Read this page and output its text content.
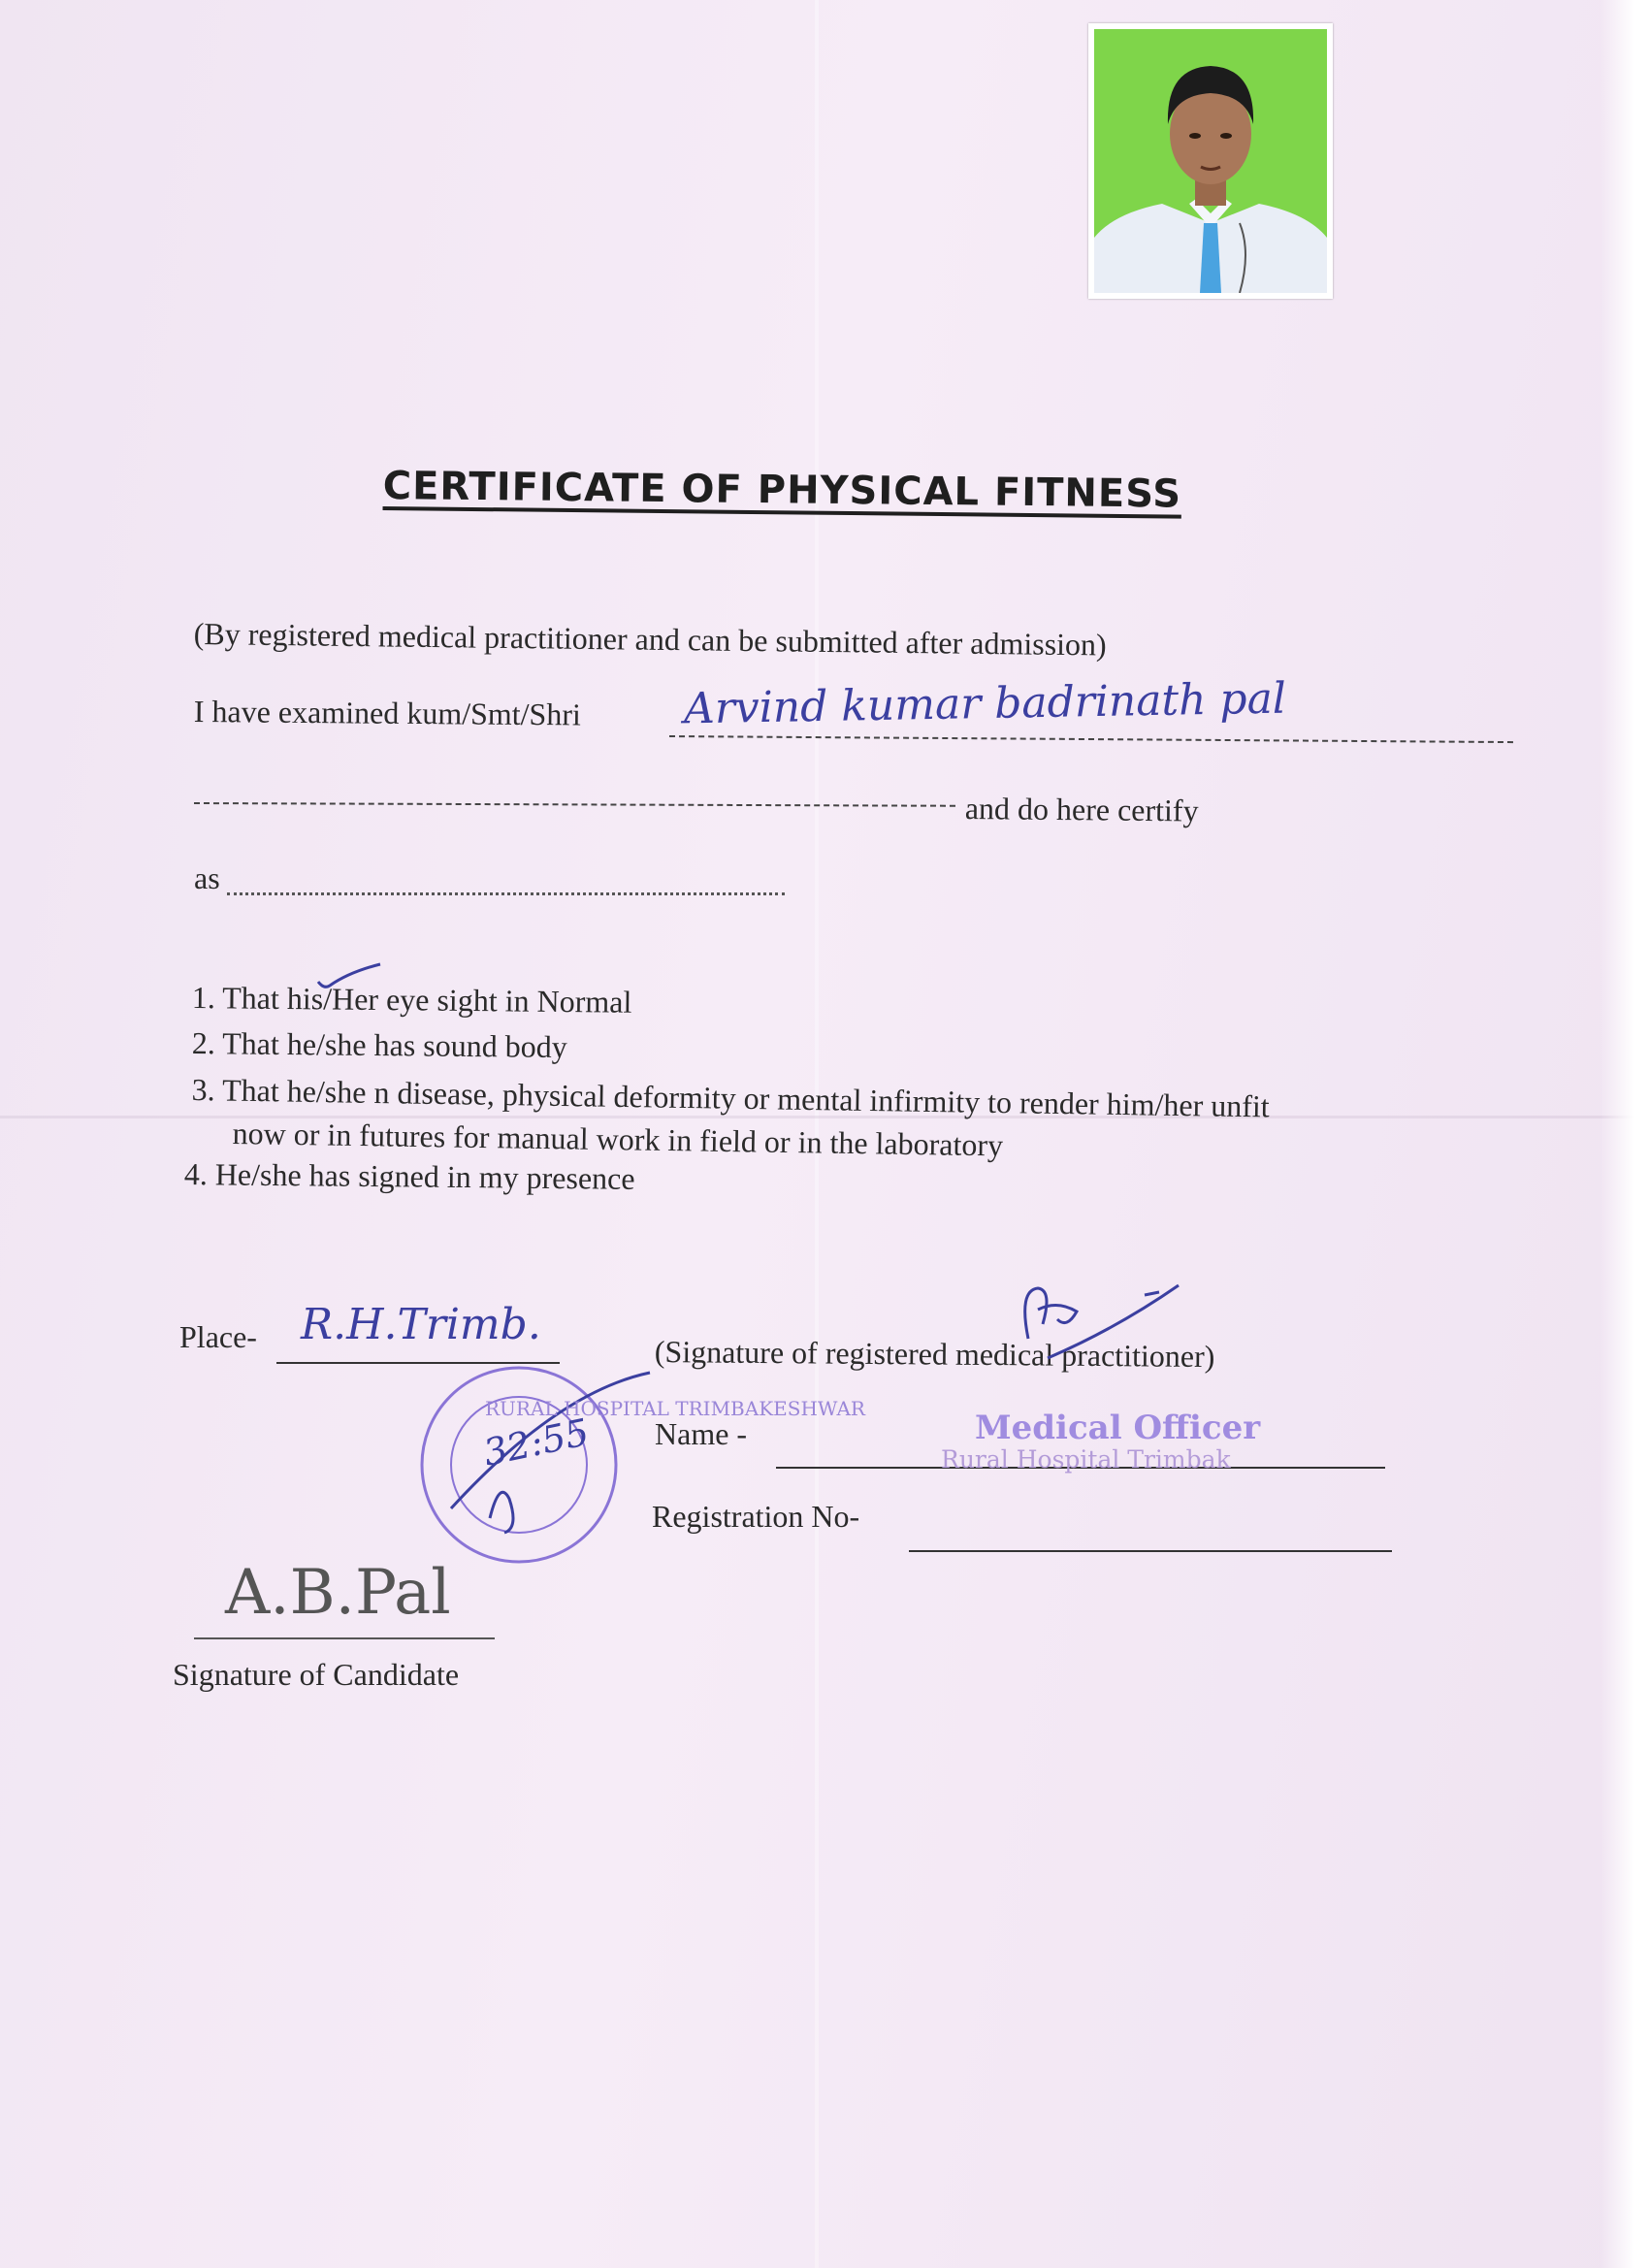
CERTIFICATE OF PHYSICAL FITNESS
(By registered medical practitioner and can be submitted after admission)
I have examined kum/Smt/Shri Arvind kumar badrinath pal
and do here certify
as
1. That his/Her eye sight in Normal
2. That he/she has sound body
3. That he/she n disease, physical deformity or mental infirmity to render him/her unfit
now or in futures for manual work in field or in the laboratory
4. He/she has signed in my presence
Place- R.H.Trimb.
(Signature of registered medical practitioner)
Name -	Medical Officer
Rural Hospital Trimbak
Registration No-
RURAL HOSPITAL TRIMBAKESHWAR
32:55
A.B.Pal
Signature of Candidate
